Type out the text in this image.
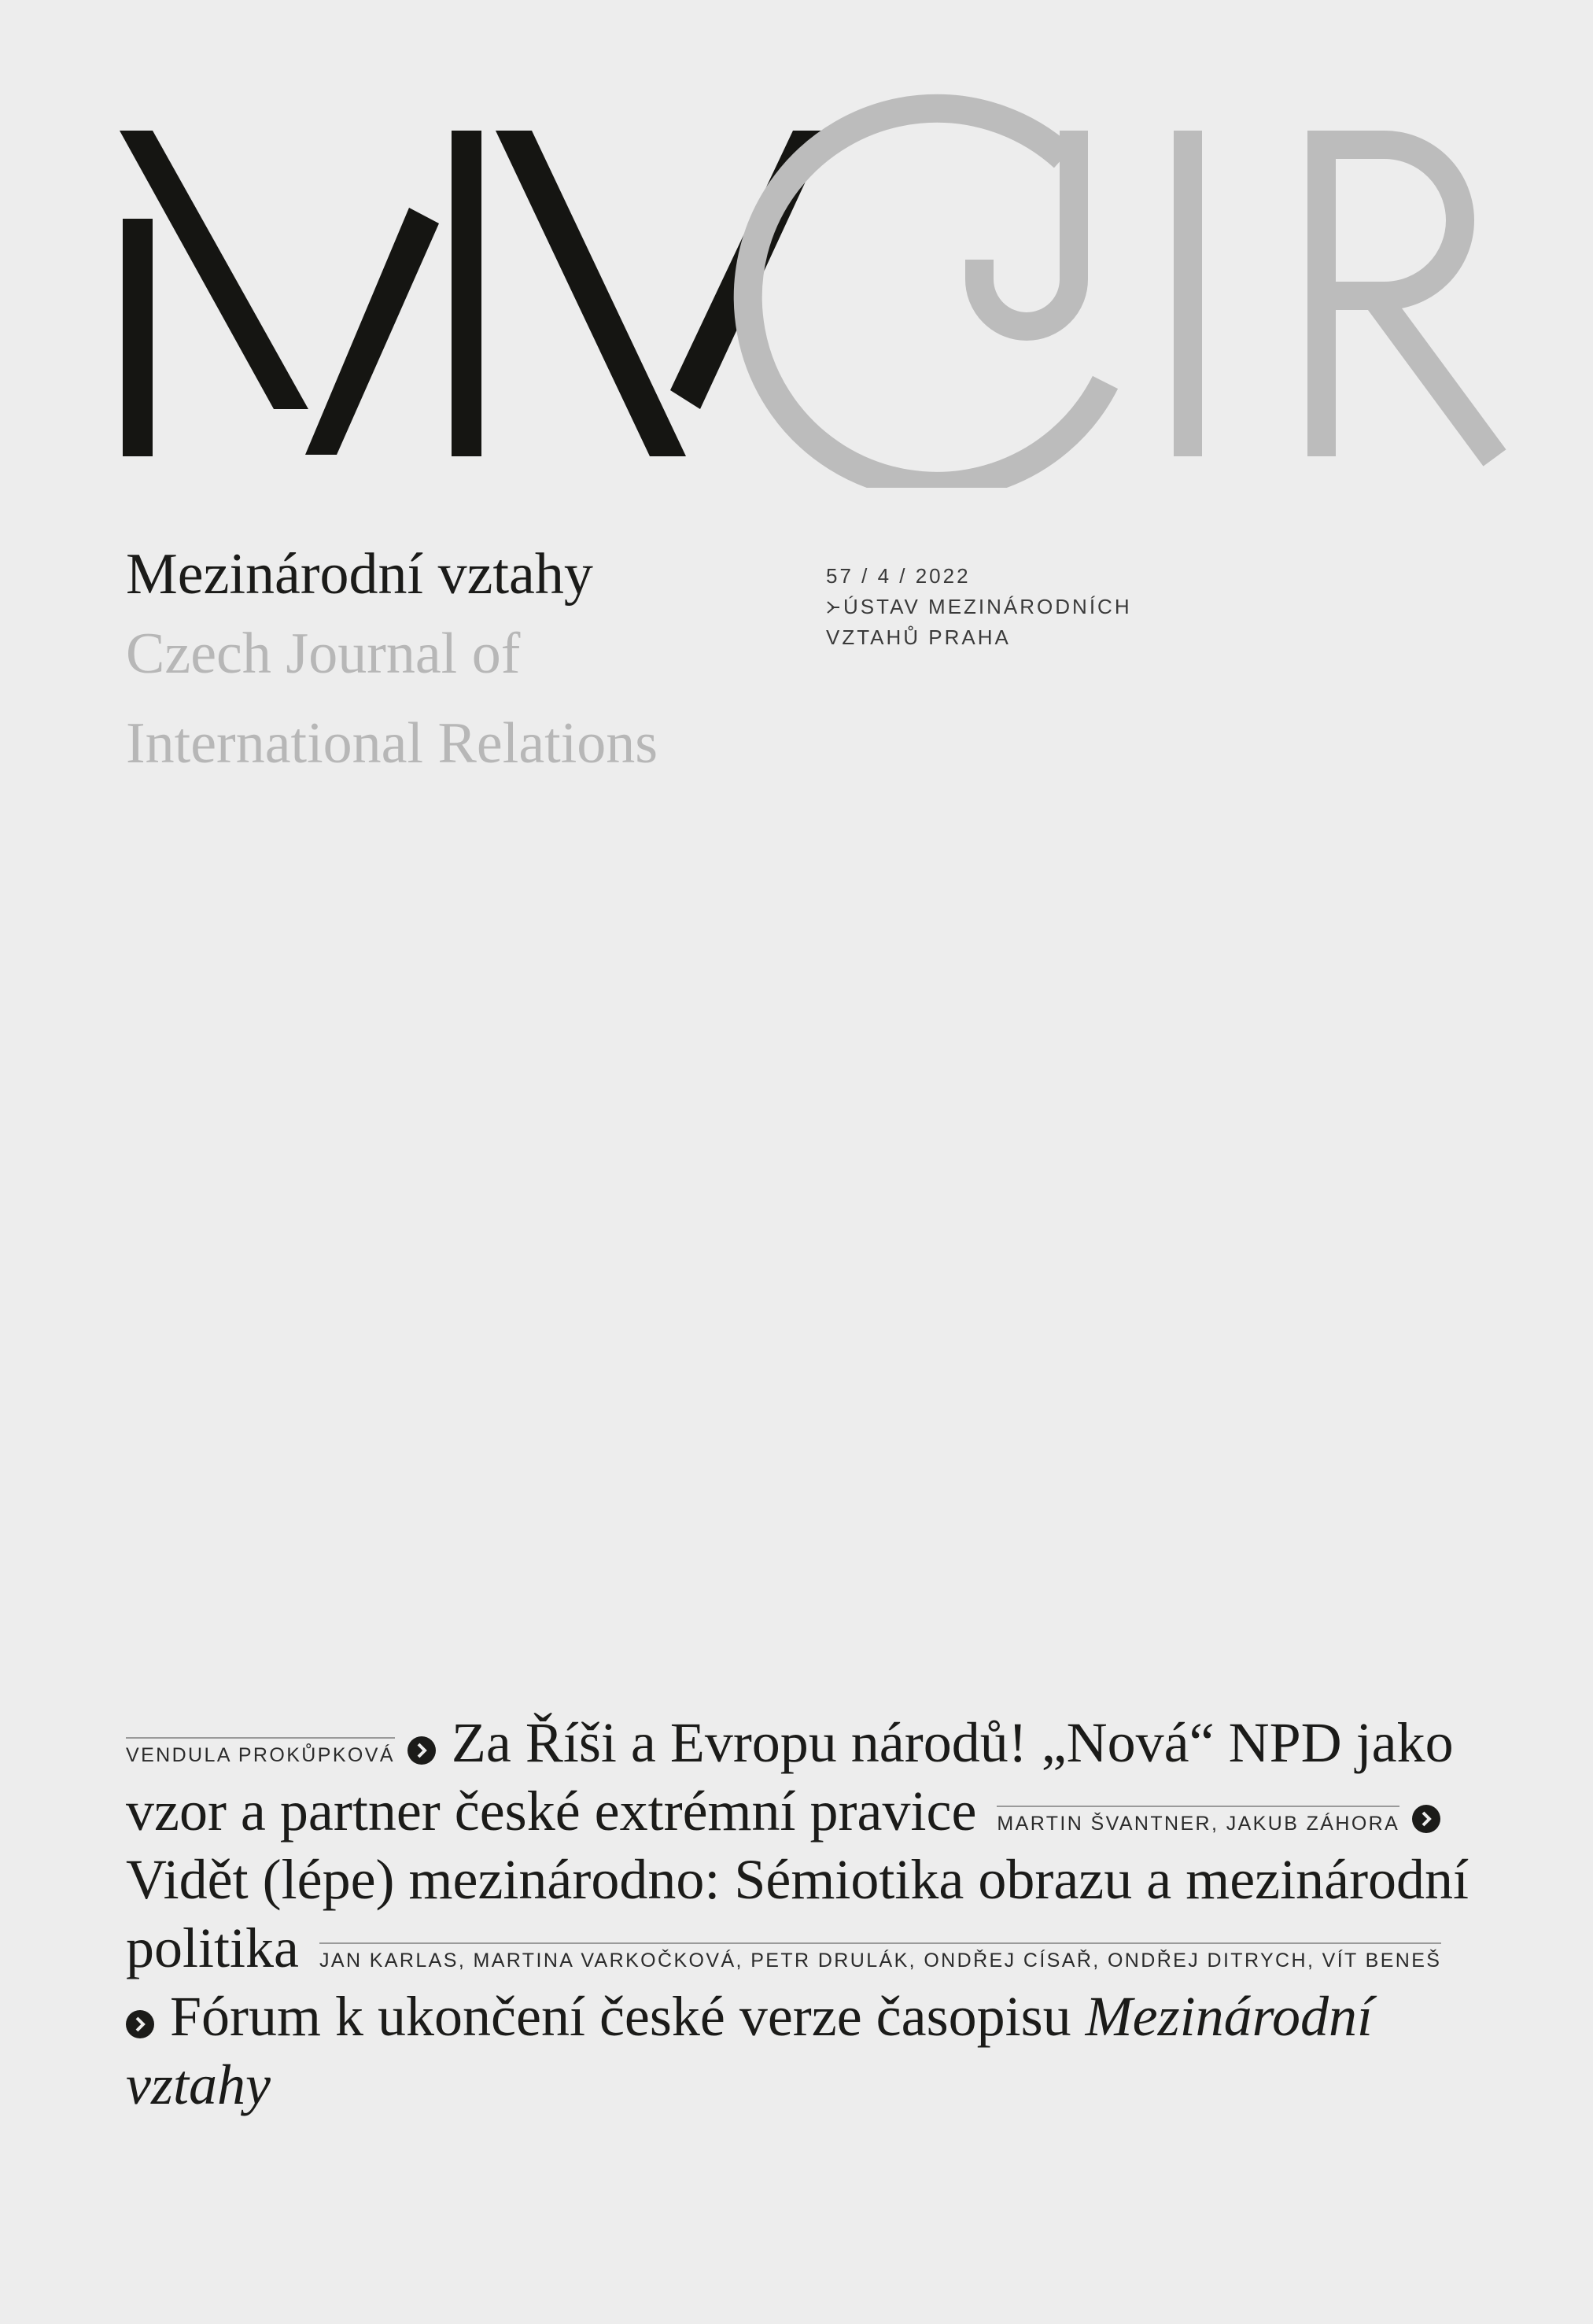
Mezinárodní vztahy
Czech Journal of International Relations
57 / 4 / 2022
ÚSTAV MEZINÁRODNÍCH
VZTAHŮ PRAHA
VENDULA PROKŮPKOVÁ Za Říši a Evropu národů! „Nová“ NPD jako vzor a partner české extrémní pravice MARTIN ŠVANTNER, JAKUB ZÁHORA
Vidět (lépe) mezinárodno: Sémiotika obrazu a mezinárodní politika JAN KARLAS, MARTINA VARKOČKOVÁ, PETR DRULÁK, ONDŘEJ CÍSAŘ, ONDŘEJ DITRYCH, VÍT BENEŠ
Fórum k ukončení české verze časopisu Mezinárodní vztahy
